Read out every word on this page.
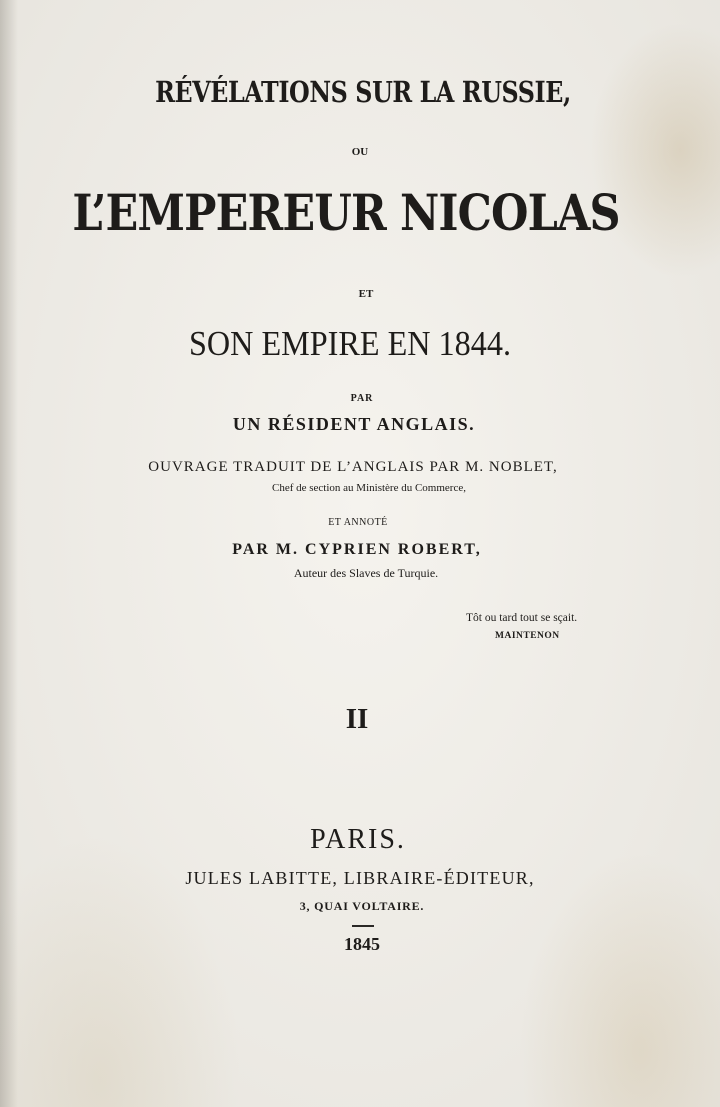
RÉVÉLATIONS SUR LA RUSSIE,
OU
L’EMPEREUR NICOLAS
ET
SON EMPIRE EN 1844.
PAR
UN RÉSIDENT ANGLAIS.
OUVRAGE TRADUIT DE L’ANGLAIS PAR M. NOBLET,
Chef de section au Ministère du Commerce,
ET ANNOTÉ
PAR M. CYPRIEN ROBERT,
Auteur des Slaves de Turquie.
Tôt ou tard tout se sçait.
MAINTENON
II
PARIS.
JULES LABITTE, LIBRAIRE-ÉDITEUR,
3, QUAI VOLTAIRE.
1845
